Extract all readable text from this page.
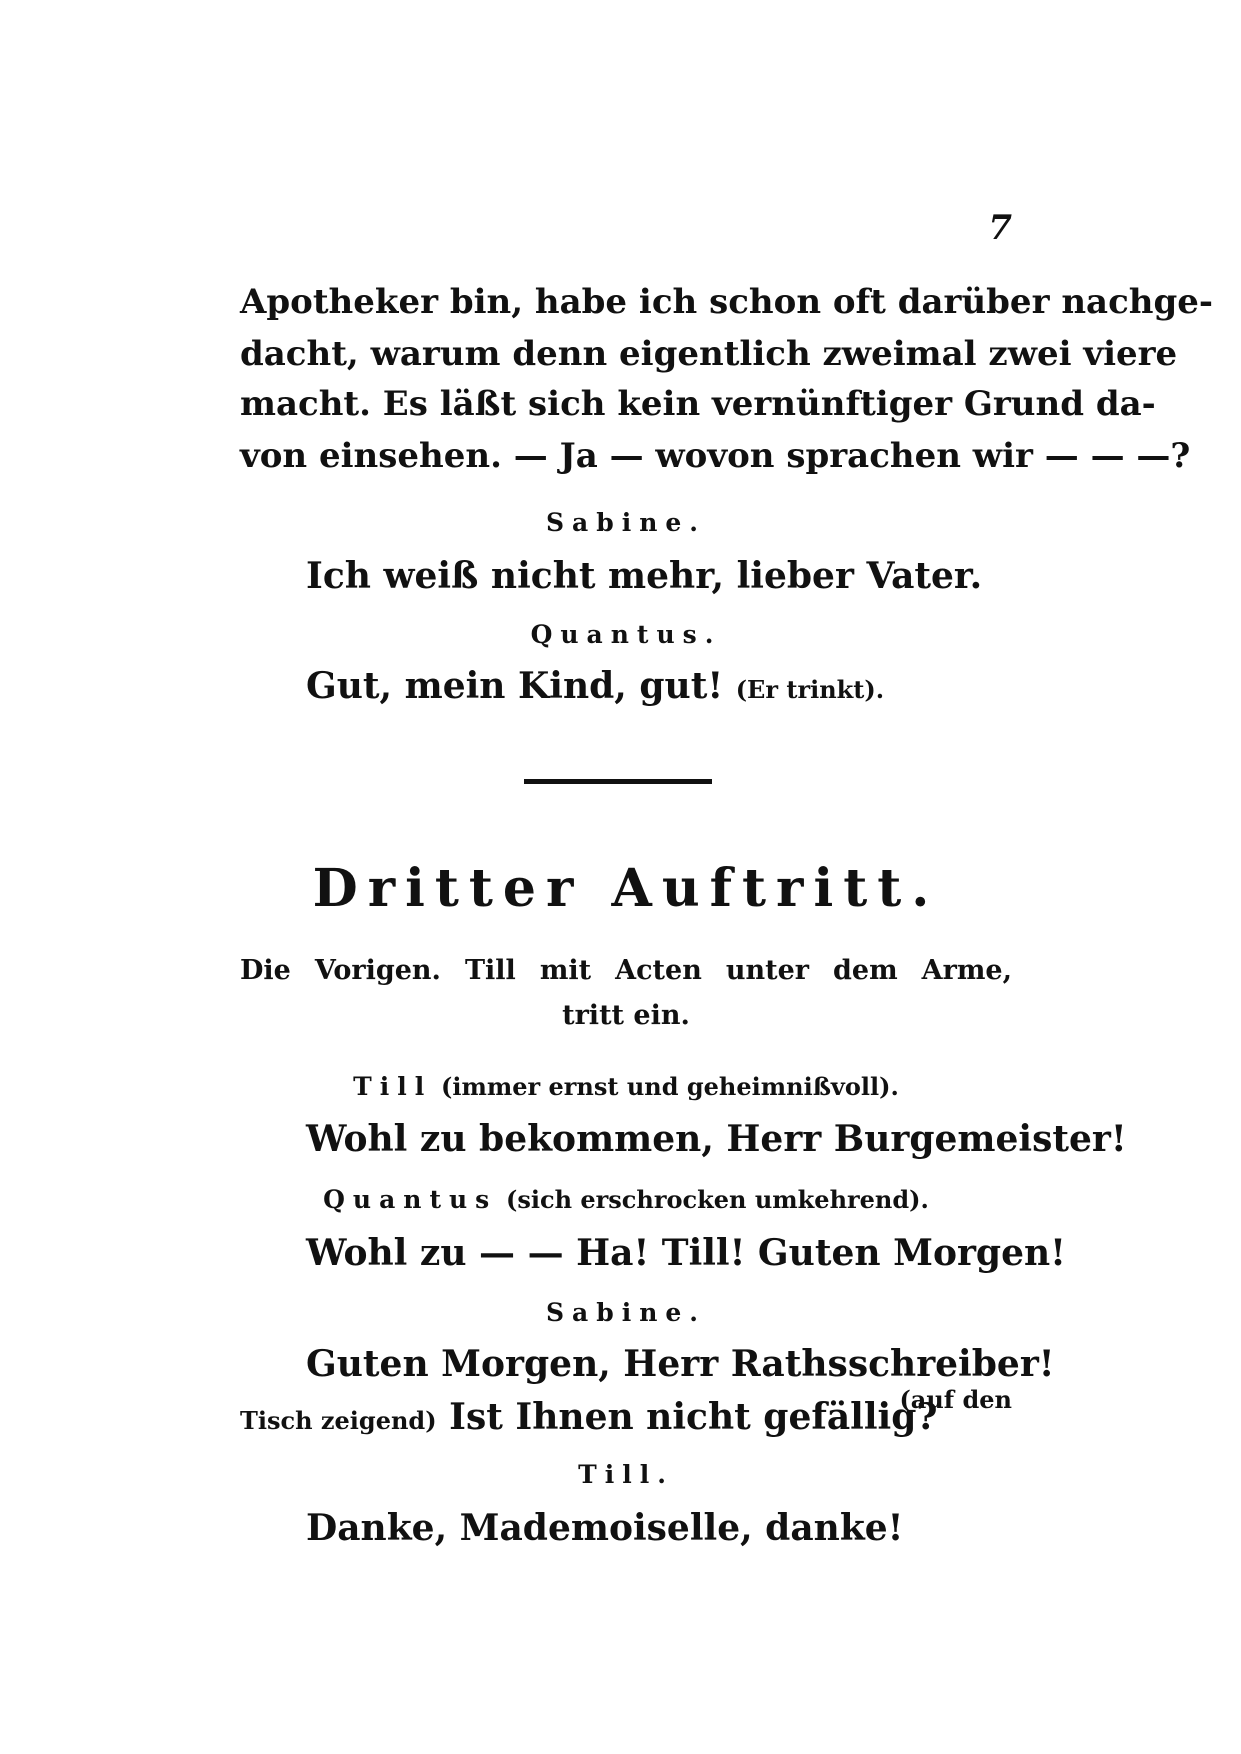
7
Apotheker bin, habe ich schon oft darüber nachge-
dacht, warum denn eigentlich zweimal zwei viere
macht. Es läßt sich kein vernünftiger Grund da-
von einsehen. — Ja — wovon sprachen wir — — —?
Sabine.
Ich weiß nicht mehr, lieber Vater.
Quantus.
Gut, mein Kind, gut! (Er trinkt).
Dritter Auftritt.
Die Vorigen. Till mit Acten unter dem Arme,
tritt ein.
Till (immer ernst und geheimnißvoll).
Wohl zu bekommen, Herr Burgemeister!
Quantus (sich erschrocken umkehrend).
Wohl zu — — Ha! Till! Guten Morgen!
Sabine.
Guten Morgen, Herr Rathsschreiber!
(auf den
Tisch zeigend) Ist Ihnen nicht gefällig?
Till.
Danke, Mademoiselle, danke!
